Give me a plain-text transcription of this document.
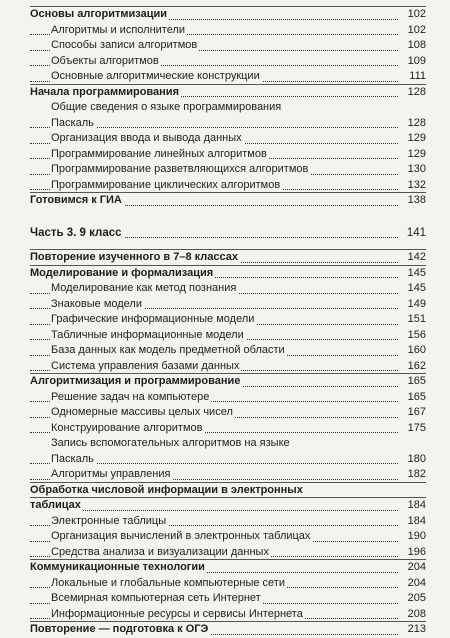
Основы алгоритмизации	102
Алгоритмы и исполнители	102
Способы записи алгоритмов	108
Объекты алгоритмов	109
Основные алгоритмические конструкции	111
Начала программирования	128
Общие сведения о языке программирования
Паскаль	128
Организация ввода и вывода данных	129
Программирование линейных алгоритмов	129
Программирование разветвляющихся алгоритмов	130
Программирование циклических алгоритмов	132
Готовимся к ГИА	138
Часть 3. 9 класс	141
Повторение изученного в 7–8 классах	142
Моделирование и формализация	145
Моделирование как метод познания	145
Знаковые модели	149
Графические информационные модели	151
Табличные информационные модели	156
База данных как модель предметной области	160
Система управления базами данных	162
Алгоритмизация и программирование	165
Решение задач на компьютере	165
Одномерные массивы целых чисел	167
Конструирование алгоритмов	175
Запись вспомогательных алгоритмов на языке
Паскаль	180
Алгоритмы управления	182
Обработка числовой информации в электронных
таблицах	184
Электронные таблицы	184
Организация вычислений в электронных таблицах	190
Средства анализа и визуализации данных	196
Коммуникационные технологии	204
Локальные и глобальные компьютерные сети	204
Всемирная компьютерная сеть Интернет	205
Информационные ресурсы и сервисы Интернета	208
Повторение — подготовка к ОГЭ	213
